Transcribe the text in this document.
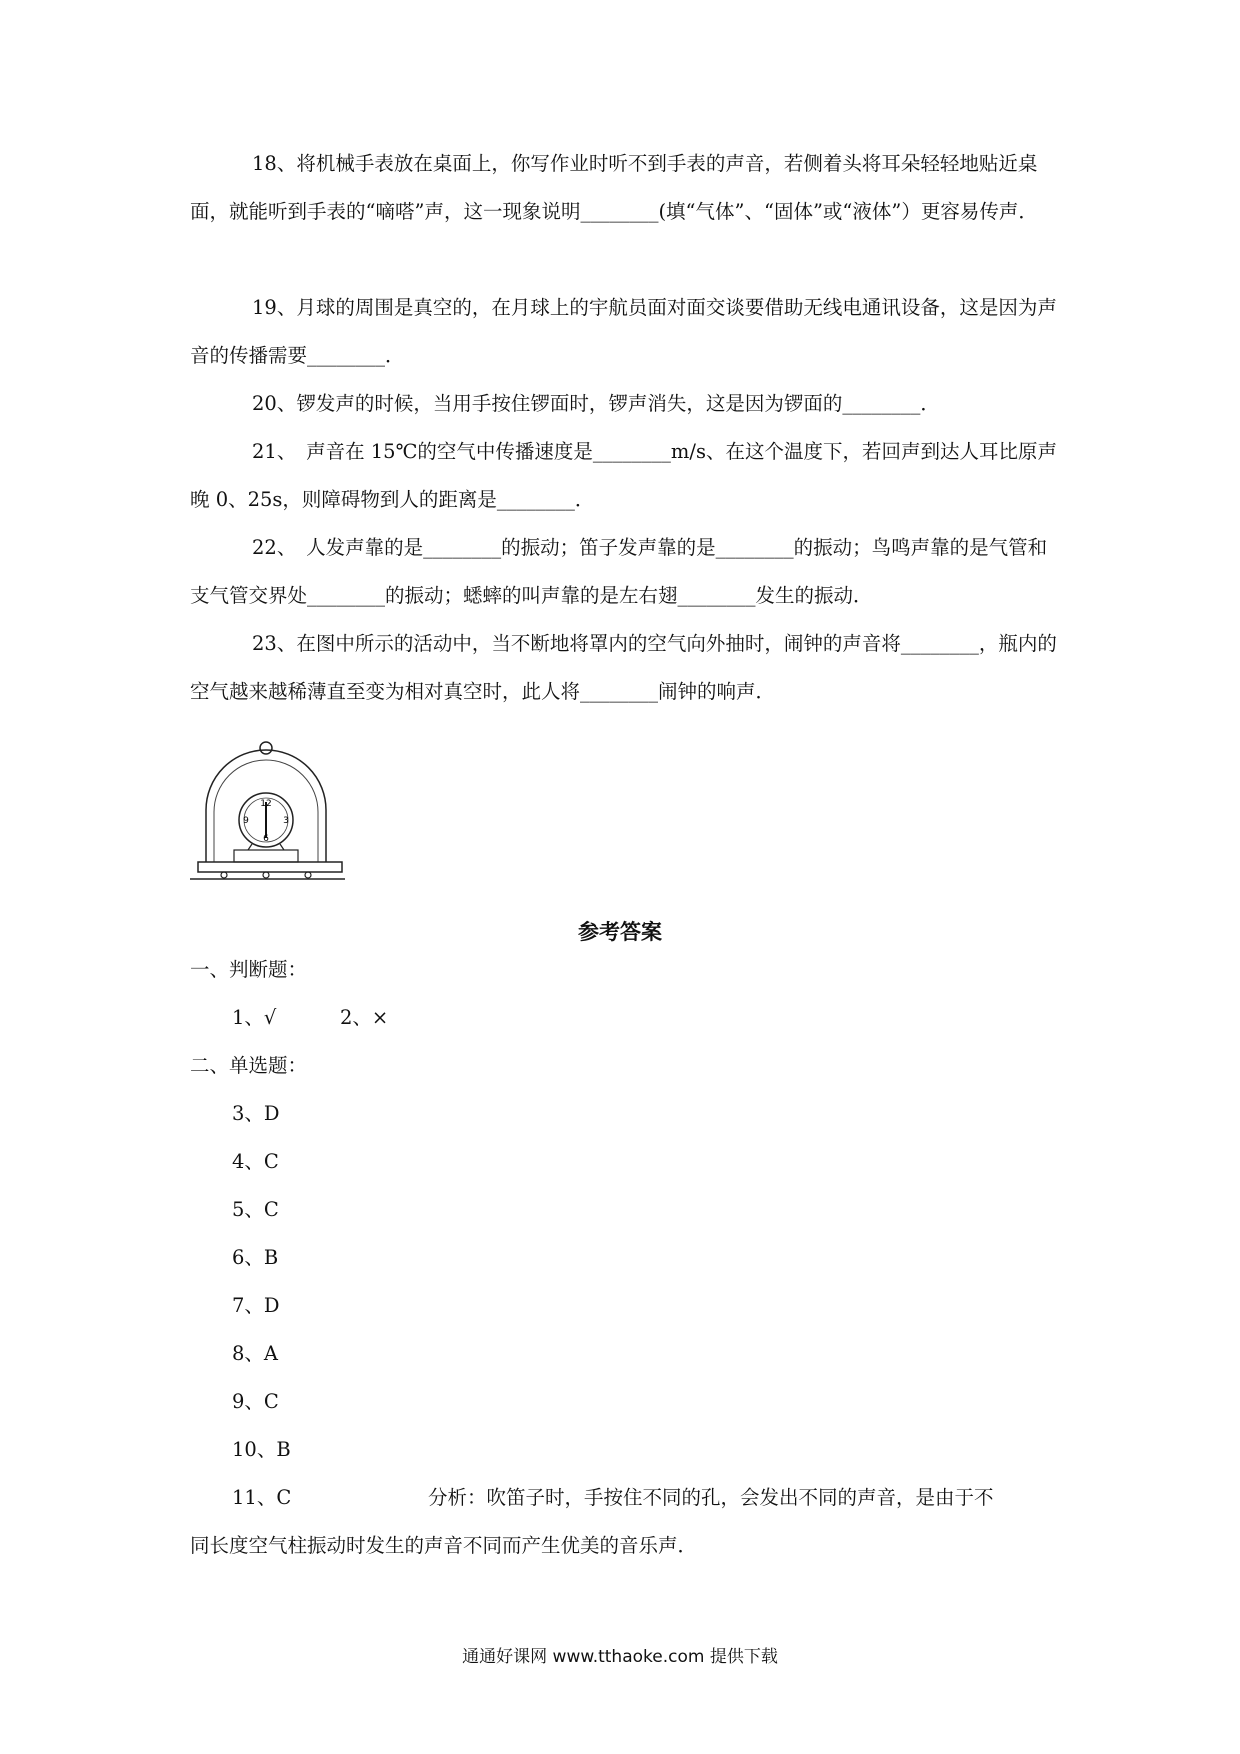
18、将机械手表放在桌面上，你写作业时听不到手表的声音，若侧着头将耳朵轻轻地贴近桌面，就能听到手表的“嘀嗒”声，这一现象说明________(填“气体”、“固体”或“液体”）更容易传声．

19、月球的周围是真空的，在月球上的宇航员面对面交谈要借助无线电通讯设备，这是因为声音的传播需要________．

20、锣发声的时候，当用手按住锣面时，锣声消失，这是因为锣面的________．

21、　声音在 15℃的空气中传播速度是________m/s、在这个温度下，若回声到达人耳比原声晚 0、25s，则障碍物到人的距离是________．

22、　人发声靠的是________的振动；笛子发声靠的是________的振动；鸟鸣声靠的是气管和支气管交界处________的振动；蟋蟀的叫声靠的是左右翅________发生的振动．

23、在图中所示的活动中，当不断地将罩内的空气向外抽时，闹钟的声音将________，瓶内的空气越来越稀薄直至变为相对真空时，此人将________闹钟的响声．

12
3
6
9
参考答案
一、判断题：
1、√	2、×
二、单选题：
3、D
4、C
5、C
6、B
7、D
8、A
9、C
10、B
11、C	分析：吹笛子时，手按住不同的孔，会发出不同的声音，是由于不
同长度空气柱振动时发生的声音不同而产生优美的音乐声．
通通好课网 www.tthaoke.com 提供下载
